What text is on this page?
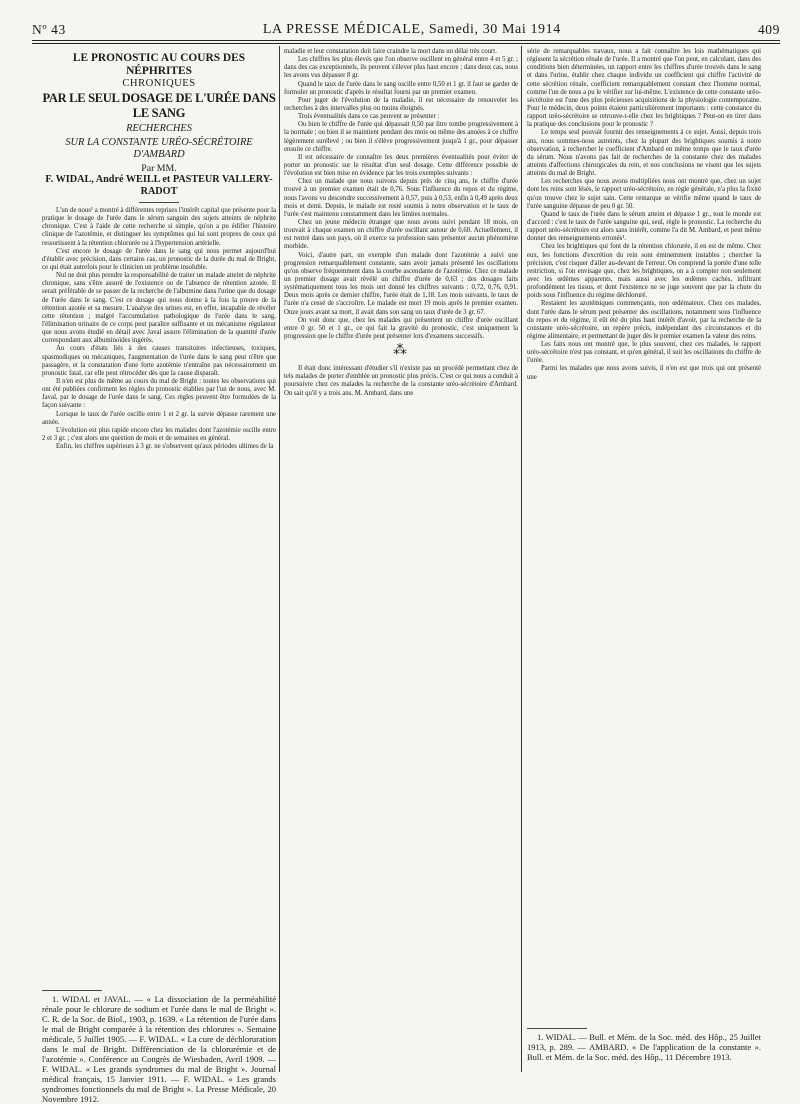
Nº 43	LA PRESSE MÉDICALE, Samedi, 30 Mai 1914	409
LE PRONOSTIC AU COURS DES NÉPHRITES
CHRONIQUES
PAR LE SEUL DOSAGE DE L'URÉE DANS LE SANG
RECHERCHES
SUR LA CONSTANTE URÉO-SÉCRÉTOIRE D'AMBARD
Par MM.
F. WIDAL, André WEILL et PASTEUR VALLERY-RADOT

L'un de nous¹ a montré à différentes reprises l'intérêt capital que présente pour la pratique le dosage de l'urée dans le sérum sanguin des sujets atteints de néphrite chronique. C'est à l'aide de cette recherche si simple, qu'on a pu édifier l'histoire clinique de l'azotémie, et distinguer les symptômes qui lui sont propres de ceux qui ressortissent à la rétention chlorurée ou à l'hypertension artérielle.

C'est encore le dosage de l'urée dans le sang qui nous permet aujourd'hui d'établir avec précision, dans certains cas, un pronostic de la durée du mal de Bright, ce qui était autrefois pour le clinicien un problème insoluble.

Nul ne doit plus prendre la responsabilité de traiter un malade atteint de néphrite chronique, sans s'être assuré de l'existence ou de l'absence de rétention azotée. Il serait préférable de se passer de la recherche de l'albumine dans l'urine que du dosage de l'urée dans le sang. C'est ce dosage qui nous donne à la fois la preuve de la rétention azotée et sa mesure. L'analyse des urines est, en effet, incapable de révéler cette rétention ; malgré l'accumulation pathologique de l'urée dans le sang, l'élimination urinaire de ce corps peut paraître suffisante et un mécanisme régulateur que nous avons étudié en détail avec Javal assure l'élimination de la quantité d'urée correspondant aux albuminoïdes ingérés.

Au cours d'états liés à des causes transitoires infectieuses, toxiques, spasmodiques ou mécaniques, l'augmentation de l'urée dans le sang peut n'être que passagère, et la constatation d'une forte azotémie n'entraîne pas nécessairement un pronostic fatal, car elle peut rétrocéder dès que la cause disparaît.

Il n'en est plus de même au cours du mal de Bright : toutes les observations qui ont été publiées confirment les règles du pronostic établies par l'un de nous, avec M. Javal, par le dosage de l'urée dans le sang. Ces règles peuvent être formulées de la façon suivante :

Lorsque le taux de l'urée oscille entre 1 et 2 gr. la survie dépasse rarement une année.

L'évolution est plus rapide encore chez les malades dont l'azotémie oscille entre 2 et 3 gr. ; c'est alors une question de mois et de semaines en général.

Enfin, les chiffres supérieurs à 3 gr. ne s'observent qu'aux périodes ultimes de la

1. WIDAL et JAVAL. — « La dissociation de la perméabilité rénale pour le chlorure de sodium et l'urée dans le mal de Bright ». C. R. de la Soc. de Biol., 1903, p. 1639. « La rétention de l'urée dans le mal de Bright comparée à la rétention des chlorures ». Semaine médicale, 5 Juillet 1905. — F. WIDAL. « La cure de déchloruration dans le mal de Bright. Différenciation de la chlorurémie et de l'azotémie ». Conférence au Congrès de Wiesbaden, Avril 1909. — F. WIDAL. « Les grands syndromes du mal de Bright ». Journal médical français, 15 Janvier 1911. — F. WIDAL. « Les grands syndromes fonctionnels du mal de Bright ». La Presse Médicale, 20 Novembre 1912.

maladie et leur constatation doit faire craindre la mort dans un délai très court.

Les chiffres les plus élevés que l'on observe oscillent en général entre 4 et 5 gr. ; dans des cas exceptionnels, ils peuvent s'élever plus haut encore ; dans deux cas, nous les avons vus dépasser 8 gr.

Quand le taux de l'urée dans le sang oscille entre 0,50 et 1 gr. il faut se garder de formuler un pronostic d'après le résultat fourni par un premier examen.

Pour juger de l'évolution de la maladie, il est nécessaire de renouveler les recherches à des intervalles plus ou moins éloignés.

Trois éventualités dans ce cas peuvent se présenter :

Ou bien le chiffre de l'urée qui dépassait 0,50 par litre tombe progressivement à la normale ; ou bien il se maintient pendant des mois ou même des années à ce chiffre légèrement surélevé ; ou bien il s'élève progressivement jusqu'à 1 gr., pour dépasser ensuite ce chiffre.

Il est nécessaire de connaître les deux premières éventualités pour éviter de porter un pronostic sur le résultat d'un seul dosage. Cette différence possible de l'évolution est bien mise en évidence par les trois exemples suivants :

Chez un malade que nous suivons depuis près de cinq ans, le chiffre d'urée trouvé à un premier examen était de 0,76. Sous l'influence du repos et du régime, nous l'avons vu descendre successivement à 0,57, puis à 0,53, enfin à 0,49 après deux mois et demi. Depuis, le malade est resté soumis à notre observation et le taux de l'urée s'est maintenu constamment dans les limites normales.

Chez un jeune médecin étranger que nous avons suivi pendant 18 mois, on trouvait à chaque examen un chiffre d'urée oscillant autour de 0,60. Actuellement, il est rentré dans son pays, où il exerce sa profession sans présenter aucun phénomène morbide.

Voici, d'autre part, un exemple d'un malade dont l'azotémie a suivi une progression remarquablement constante, sans avoir jamais présenté les oscillations qu'on observe fréquemment dans la courbe ascendante de l'azotémie. Chez ce malade un premier dosage avait révélé un chiffre d'urée de 0,63 ; des dosages faits systématiquement tous les mois ont donné les chiffres suivants : 0,72, 0,76, 0,91. Deux mois après ce dernier chiffre, l'urée était de 1,18. Les mois suivants, le taux de l'urée n'a cessé de s'accroître. Le malade est mort 19 mois après le premier examen. Onze jours avant sa mort, il avait dans son sang un taux d'urée de 3 gr. 67.

On voit donc que, chez les malades qui présentent un chiffre d'urée oscillant entre 0 gr. 50 et 1 gr., ce qui fait la gravité du pronostic, c'est uniquement la progression que le chiffre d'urée peut présenter lors d'examens successifs.

⁂

Il était donc intéressant d'étudier s'il n'existe pas un procédé permettant chez de tels malades de porter d'emblée un pronostic plus précis. C'est ce qui nous a conduit à poursuivre chez ces malades la recherche de la constante uréo-sécrétoire d'Ambard. On sait qu'il y a trois ans, M. Ambard, dans une

série de remarquables travaux, nous a fait connaître les lois mathématiques qui régissent la sécrétion rénale de l'urée. Il a montré que l'on peut, en calculant, dans des conditions bien déterminées, un rapport entre les chiffres d'urée trouvés dans le sang et dans l'urine, établir chez chaque individu un coefficient qui chiffre l'activité de cette sécrétion rénale, coefficient remarquablement constant chez l'homme normal, comme l'un de nous a pu le vérifier sur lui-même. L'existence de cette constante uréo-sécrétoire est l'une des plus précieuses acquisitions de la physiologie contemporaine. Pour le médecin, deux points étaient particulièrement importants : cette constance du rapport uréo-sécrétoire se retrouve-t-elle chez les brightiques ? Peut-on en tirer dans la pratique des conclusions pour le pronostic ?

Le temps seul pouvait fournir des renseignements à ce sujet. Aussi, depuis trois ans, nous sommes-nous astreints, chez la plupart des brightiques soumis à notre observation, à rechercher le coefficient d'Ambard en même temps que le taux d'urée du sérum. Nous n'avons pas fait de recherches de la constante chez des malades atteints d'affections chirurgicales du rein, et nos conclusions ne visent que les sujets atteints du mal de Bright.

Les recherches que nous avons multipliées nous ont montré que, chez un sujet dont les reins sont lésés, le rapport uréo-sécrétoire, en règle générale, n'a plus la fixité qu'on trouve chez le sujet sain. Cette remarque se vérifie même quand le taux de l'urée sanguine dépasse de peu 0 gr. 50.

Quand le taux de l'urée dans le sérum atteint et dépasse 1 gr., tout le monde est d'accord : c'est le taux de l'urée sanguine qui, seul, règle le pronostic. La recherche du rapport uréo-sécrétoire est alors sans intérêt, comme l'a dit M. Ambard, et peut même donner des renseignements erronés¹.

Chez les brightiques qui font de la rétention chlorurée, il en est de même. Chez eux, les fonctions d'excrétion du rein sont éminemment instables ; chercher la précision, c'est risquer d'aller au-devant de l'erreur. On comprend la portée d'une telle restriction, si l'on envisage que, chez les brightiques, on a à compter non seulement avec les œdèmes apparents, mais aussi avec les œdèmes cachés, infiltrant profondément les tissus, et dont l'existence ne se juge souvent que par la chute du poids sous l'influence du régime déchloruré.

Restaient les azotémiques commençants, non œdémateux. Chez ces malades, dont l'urée dans le sérum peut présenter des oscillations, notamment sous l'influence du repos et du régime, il eût été du plus haut intérêt d'avoir, par la recherche de la constante uréo-sécrétoire, un repère précis, indépendant des circonstances et du régime alimentaire, et permettant de juger dès le premier examen la valeur des reins.

Les faits nous ont montré que, le plus souvent, chez ces malades, le rapport uréo-sécrétoire n'est pas constant, et qu'en général, il suit les oscillations du chiffre de l'urée.

Parmi les malades que nous avons suivis, il n'en est que trois qui ont présenté une

1. WIDAL. — Bull. et Mém. de la Soc. méd. des Hôp., 25 Juillet 1913, p. 289. — AMBARD. « De l'application de la constante ». Bull. et Mém. de la Soc. méd. des Hôp., 11 Décembre 1913.
